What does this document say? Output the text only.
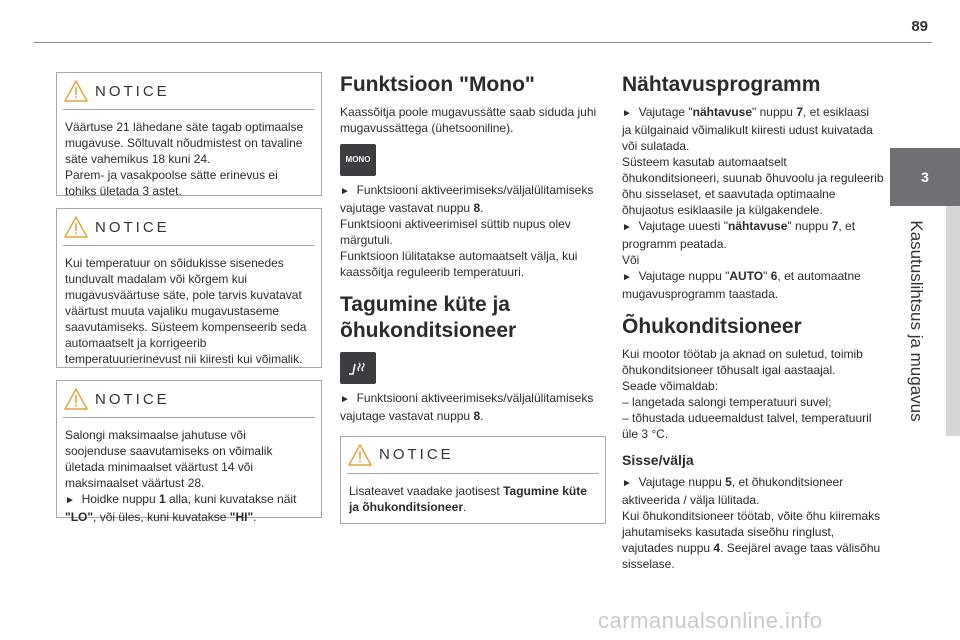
89
3
Kasutuslihtsus ja mugavus
NOTICE
Väärtuse 21 lähedane säte tagab optimaalse
mugavuse. Sõltuvalt nõudmistest on tavaline
säte vahemikus 18 kuni 24.
Parem- ja vasakpoolse sätte erinevus ei
tohiks ületada 3 astet.
NOTICE
Kui temperatuur on sõidukisse sisenedes
tunduvalt madalam või kõrgem kui
mugavusväärtuse säte, pole tarvis kuvatavat
väärtust muuta vajaliku mugavustaseme
saavutamiseks. Süsteem kompenseerib seda
automaatselt ja korrigeerib
temperatuurierinevust nii kiiresti kui võimalik.
NOTICE
Salongi maksimaalse jahutuse või
soojenduse saavutamiseks on võimalik
ületada minimaalset väärtust 14 või
maksimaalset väärtust 28.
► Hoidke nuppu 1 alla, kuni kuvatakse näit
"LO", või üles, kuni kuvatakse "HI".
Funktsioon "Mono"

Kaassõitja poole mugavussätte saab siduda juhi

mugavussättega (ühetsooniline).

MONO
► Funktsiooni aktiveerimiseks/väljalülitamiseks
vajutage vastavat nuppu 8.
Funktsiooni aktiveerimisel süttib nupus olev
märgutuli.
Funktsioon lülitatakse automaatselt välja, kui
kaassõitja reguleerib temperatuuri.
Tagumine küte ja
õhukonditsioneer
► Funktsiooni aktiveerimiseks/väljalülitamiseks
vajutage vastavat nuppu 8.
NOTICE
Lisateavet vaadake jaotisest Tagumine küte
ja õhukonditsioneer.
Nähtavusprogramm
► Vajutage "nähtavuse" nuppu 7, et esiklaasi
ja külgainaid võimalikult kiiresti udust kuivatada
või sulatada.
Süsteem kasutab automaatselt
õhukonditsioneeri, suunab õhuvoolu ja reguleerib
õhu sisselaset, et saavutada optimaalne
õhujaotus esiklaasile ja külgakendele.
► Vajutage uuesti "nähtavuse" nuppu 7, et
programm peatada.
Või
► Vajutage nuppu "AUTO" 6, et automaatne
mugavusprogramm taastada.
Õhukonditsioneer
Kui mootor töötab ja aknad on suletud, toimib
õhukonditsioneer tõhusalt igal aastaajal.
Seade võimaldab:
– langetada salongi temperatuuri suvel;
– tõhustada udueemaldust talvel, temperatuuril
üle 3 °C.
Sisse/välja
► Vajutage nuppu 5, et õhukonditsioneer
aktiveerida / välja lülitada.
Kui õhukonditsioneer töötab, võite õhu kiiremaks
jahutamiseks kasutada siseõhu ringlust,
vajutades nuppu 4. Seejärel avage taas välisõhu
sisselase.
carmanualsonline.info
